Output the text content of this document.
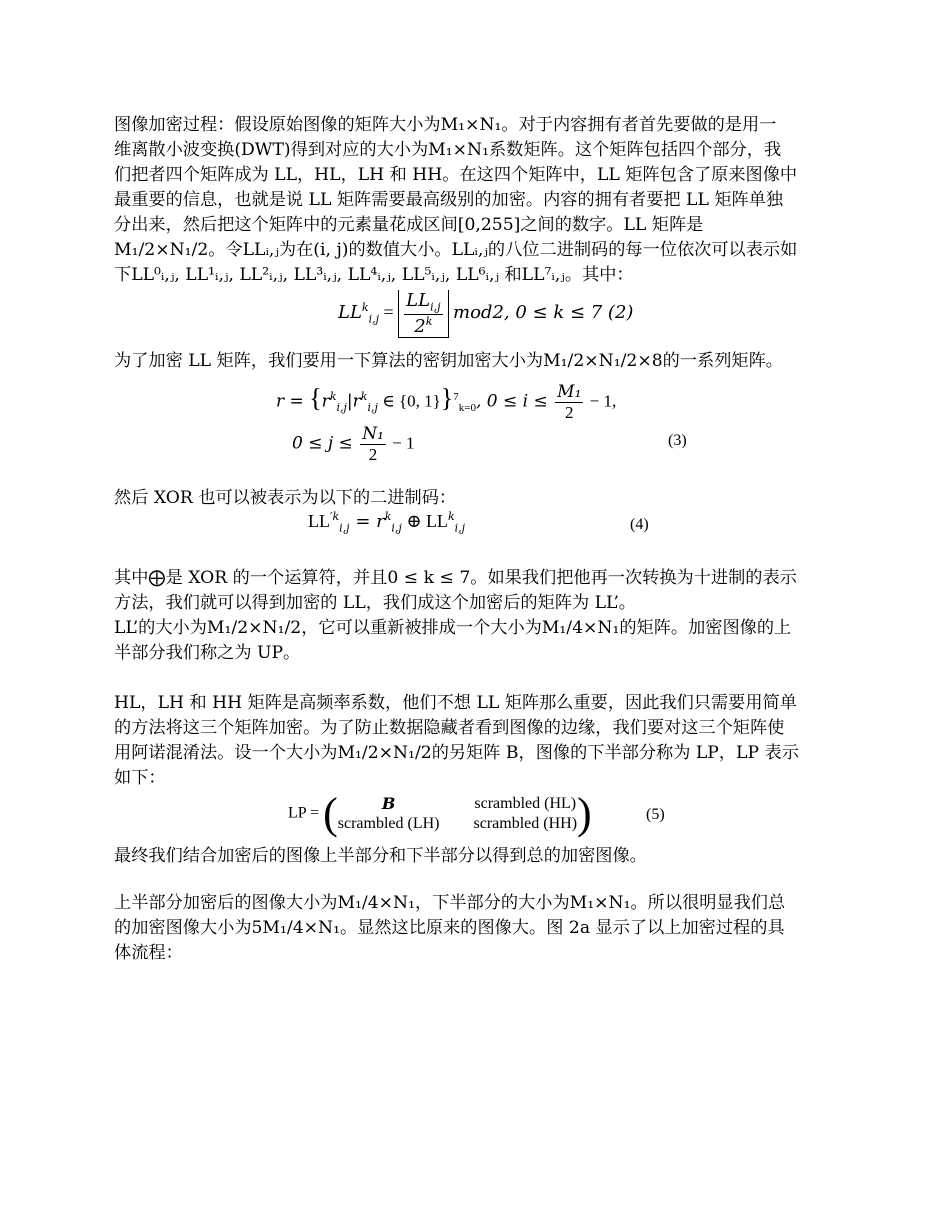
图像加密过程：假设原始图像的矩阵大小为M₁×N₁。对于内容拥有者首先要做的是用一
维离散小波变换(DWT)得到对应的大小为M₁×N₁系数矩阵。这个矩阵包括四个部分，我
们把者四个矩阵成为 LL，HL，LH 和 HH。在这四个矩阵中，LL 矩阵包含了原来图像中
最重要的信息，也就是说 LL 矩阵需要最高级别的加密。内容的拥有者要把 LL 矩阵单独
分出来，然后把这个矩阵中的元素量花成区间[0,255]之间的数字。LL 矩阵是
M₁/2×N₁/2。令LLᵢ,ⱼ为在(i, j)的数值大小。LLᵢ,ⱼ的八位二进制码的每一位依次可以表示如
下LL⁰ᵢ,ⱼ, LL¹ᵢ,ⱼ, LL²ᵢ,ⱼ, LL³ᵢ,ⱼ, LL⁴ᵢ,ⱼ, LL⁵ᵢ,ⱼ, LL⁶ᵢ,ⱼ 和LL⁷ᵢ,ⱼ。其中：
$LL^k_{i,j} = \frac{LL_{i,j}}{2^k} mod2$, 0 ≤ k ≤ 7 (2)
为了加密 LL 矩阵，我们要用一下算法的密钥加密大小为M₁/2×N₁/2×8的一系列矩阵。
$r = \{r^k_{i,j}|r^k_{i,j}$ ∈ {0, 1}}$^7_{k=0}$, $0 \le i \le \frac{\text{M₁}}{2} - 1$,
$0 \le j \le \frac{\text{N₁}}{2} - 1$	(3)
然后 XOR 也可以被表示为以下的二进制码：
$LL^{'k}_{i,j} = r^k_{i,j}$ ⊕ $LL^k_{i,j}$	(4)
其中⨁是 XOR 的一个运算符，并且0 ≤ k ≤ 7。如果我们把他再一次转换为十进制的表示
方法，我们就可以得到加密的 LL，我们成这个加密后的矩阵为 LL’。
LL’的大小为M₁/2×N₁/2，它可以重新被排成一个大小为M₁/4×N₁的矩阵。加密图像的上
半部分我们称之为 UP。
HL，LH 和 HH 矩阵是高频率系数，他们不想 LL 矩阵那么重要，因此我们只需要用简单
的方法将这三个矩阵加密。为了防止数据隐藏者看到图像的边缘，我们要对这三个矩阵使
用阿诺混淆法。设一个大小为M₁/2×N₁/2的另矩阵 B，图像的下半部分称为 LP，LP 表示
如下：
LP = (	B	scrambled (HL)
scrambled (LH) scrambled (HH) )	(5)
最终我们结合加密后的图像上半部分和下半部分以得到总的加密图像。
上半部分加密后的图像大小为M₁/4×N₁，下半部分的大小为M₁×N₁。所以很明显我们总
的加密图像大小为5M₁/4×N₁。显然这比原来的图像大。图 2a 显示了以上加密过程的具
体流程：
